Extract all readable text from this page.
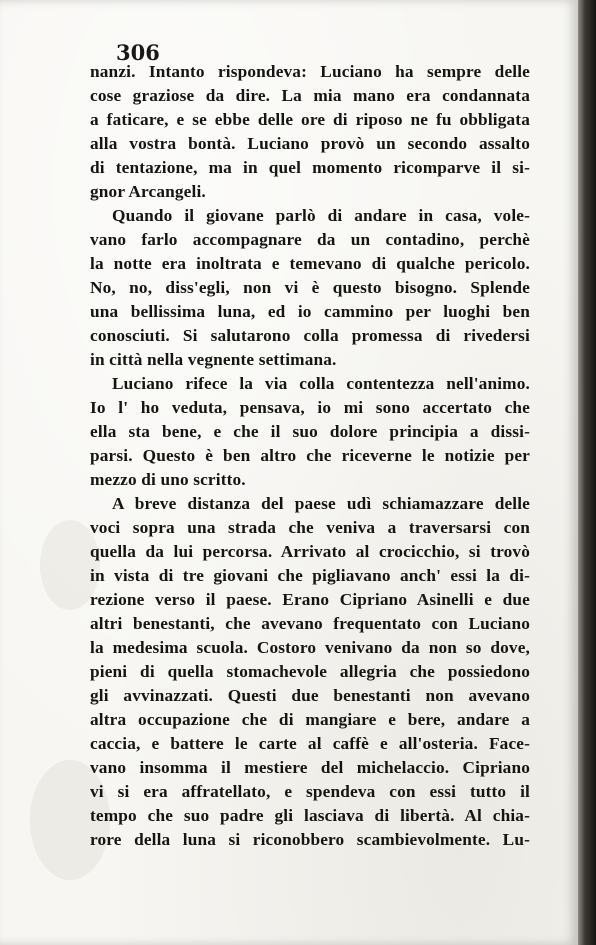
306
nanzi. Intanto rispondeva: Luciano ha sempre delle
cose graziose da dire. La mia mano era condannata
a faticare, e se ebbe delle ore di riposo ne fu obbligata
alla vostra bontà. Luciano provò un secondo assalto
di tentazione, ma in quel momento ricomparve il si-
gnor Arcangeli.
Quando il giovane parlò di andare in casa, vole-
vano farlo accompagnare da un contadino, perchè
la notte era inoltrata e temevano di qualche pericolo.
No, no, diss'egli, non vi è questo bisogno. Splende
una bellissima luna, ed io cammino per luoghi ben
conosciuti. Si salutarono colla promessa di rivedersi
in città nella vegnente settimana.
Luciano rifece la via colla contentezza nell'animo.
Io l' ho veduta, pensava, io mi sono accertato che
ella sta bene, e che il suo dolore principia a dissi-
parsi. Questo è ben altro che riceverne le notizie per
mezzo di uno scritto.
A breve distanza del paese udì schiamazzare delle
voci sopra una strada che veniva a traversarsi con
quella da lui percorsa. Arrivato al crocicchio, si trovò
in vista di tre giovani che pigliavano anch' essi la di-
rezione verso il paese. Erano Cipriano Asinelli e due
altri benestanti, che avevano frequentato con Luciano
la medesima scuola. Costoro venivano da non so dove,
pieni di quella stomachevole allegria che possiedono
gli avvinazzati. Questi due benestanti non avevano
altra occupazione che di mangiare e bere, andare a
caccia, e battere le carte al caffè e all'osteria. Face-
vano insomma il mestiere del michelaccio. Cipriano
vi si era affratellato, e spendeva con essi tutto il
tempo che suo padre gli lasciava di libertà. Al chia-
rore della luna si riconobbero scambievolmente. Lu-
